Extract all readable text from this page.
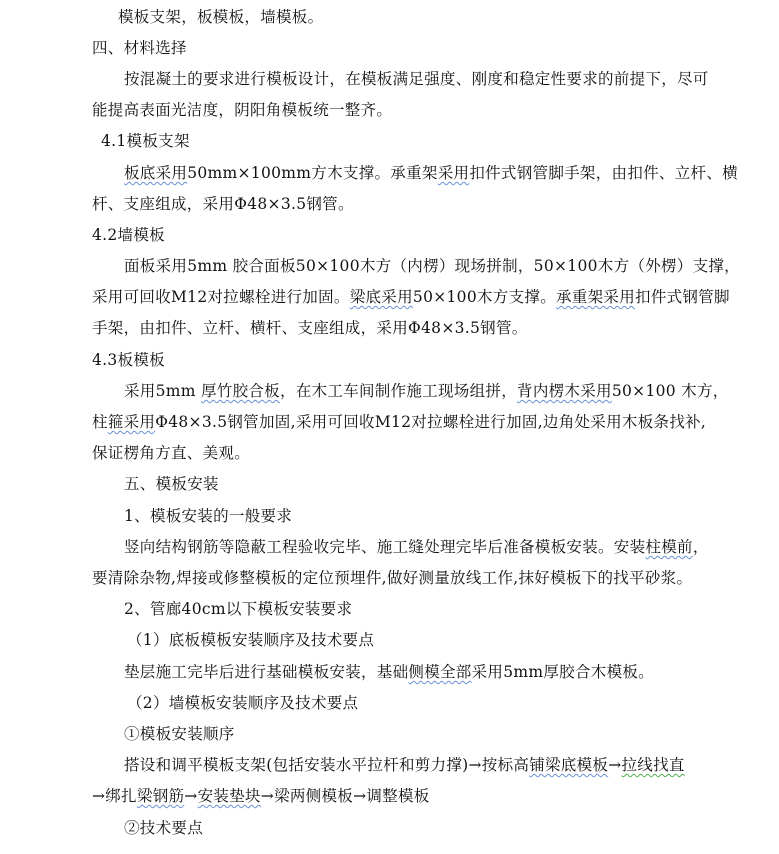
模板支架，板模板，墙模板。
四、材料选择
按混凝土的要求进行模板设计，在模板满足强度、刚度和稳定性要求的前提下，尽可
能提高表面光洁度，阴阳角模板统一整齐。
4.1模板支架
板底采用50mm×100mm方木支撑。承重架采用扣件式钢管脚手架，由扣件、立杆、横
杆、支座组成，采用Φ48×3.5钢管。
4.2墙模板
面板采用5mm 胶合面板50×100木方（内楞）现场拼制，50×100木方（外楞）支撑，
采用可回收M12对拉螺栓进行加固。梁底采用50×100木方支撑。承重架采用扣件式钢管脚
手架，由扣件、立杆、横杆、支座组成，采用Φ48×3.5钢管。
4.3板模板
采用5mm 厚竹胶合板，在木工车间制作施工现场组拼，背内楞木采用50×100 木方，
柱箍采用Φ48×3.5钢管加固,采用可回收M12对拉螺栓进行加固,边角处采用木板条找补,
保证楞角方直、美观。
五、模板安装
1、模板安装的一般要求
竖向结构钢筋等隐蔽工程验收完毕、施工缝处理完毕后准备模板安装。安装柱模前，
要清除杂物,焊接或修整模板的定位预埋件,做好测量放线工作,抹好模板下的找平砂浆。
2、管廊40cm以下模板安装要求
（1）底板模板安装顺序及技术要点
垫层施工完毕后进行基础模板安装，基础侧模全部采用5mm厚胶合木模板。
（2）墙模板安装顺序及技术要点
①模板安装顺序
搭设和调平模板支架(包括安装水平拉杆和剪力撑)→按标高铺梁底模板→拉线找直
→绑扎梁钢筋→安装垫块→梁两侧模板→调整模板
②技术要点
